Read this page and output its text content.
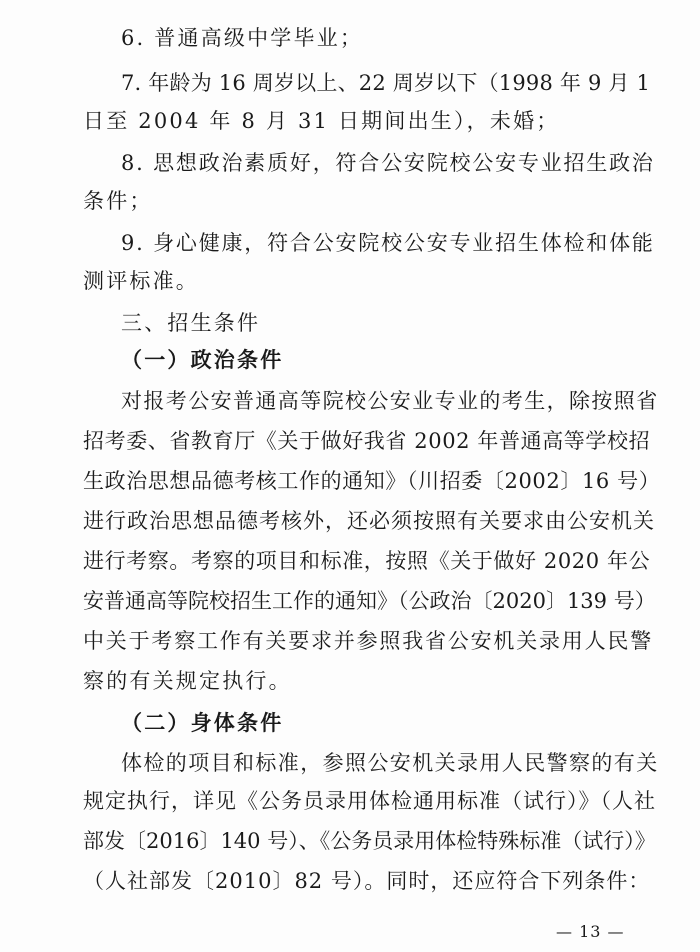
6. 普通高级中学毕业；
7. 年龄为 16 周岁以上、22 周岁以下（1998 年 9 月 1
日至 2004 年 8 月 31 日期间出生），未婚；
8. 思想政治素质好，符合公安院校公安专业招生政治
条件；
9. 身心健康，符合公安院校公安专业招生体检和体能
测评标准。
三、招生条件
（一）政治条件
对报考公安普通高等院校公安业专业的考生，除按照省
招考委、省教育厅《关于做好我省 2002 年普通高等学校招
生政治思想品德考核工作的通知》（川招委〔2002〕16 号）
进行政治思想品德考核外，还必须按照有关要求由公安机关
进行考察。考察的项目和标准，按照《关于做好 2020 年公
安普通高等院校招生工作的通知》（公政治〔2020〕139 号）
中关于考察工作有关要求并参照我省公安机关录用人民警
察的有关规定执行。
（二）身体条件
体检的项目和标准，参照公安机关录用人民警察的有关
规定执行，详见《公务员录用体检通用标准（试行）》（人社
部发〔2016〕140 号）、《公务员录用体检特殊标准（试行）》
（人社部发〔2010〕82 号）。同时，还应符合下列条件：
— 13 —
